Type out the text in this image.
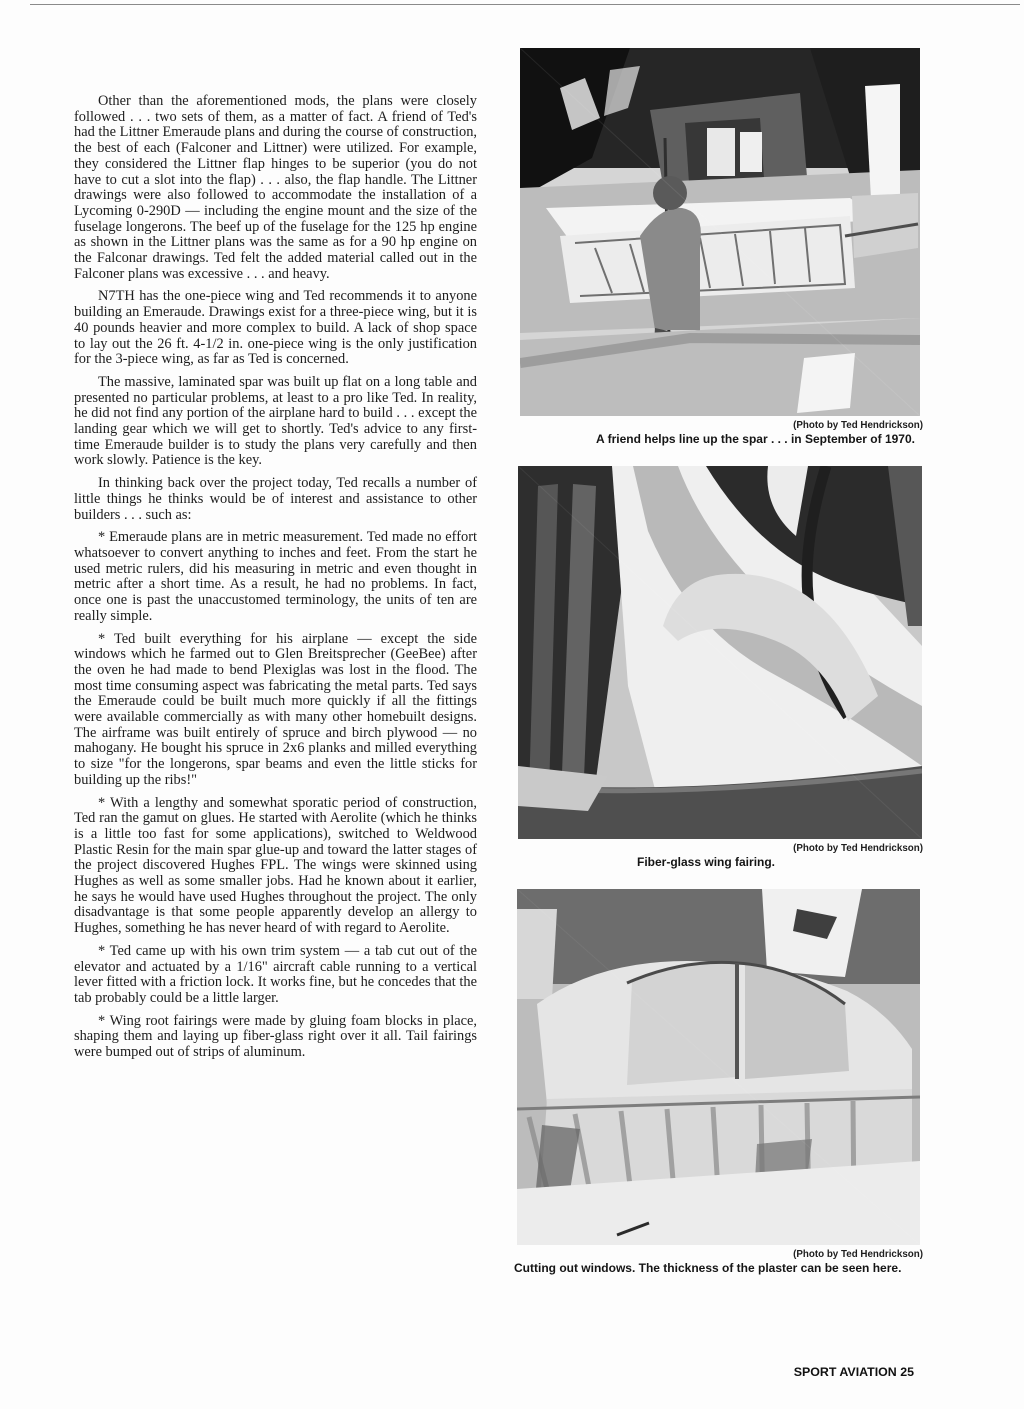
Other than the aforementioned mods, the plans were closely followed . . . two sets of them, as a matter of fact. A friend of Ted's had the Littner Emeraude plans and during the course of construction, the best of each (Falconer and Littner) were utilized. For example, they considered the Littner flap hinges to be superior (you do not have to cut a slot into the flap) . . . also, the flap handle. The Littner drawings were also followed to accommodate the installation of a Lycoming 0-290D — including the engine mount and the size of the fuselage longerons. The beef up of the fuselage for the 125 hp engine as shown in the Littner plans was the same as for a 90 hp engine on the Falconar drawings. Ted felt the added material called out in the Falconer plans was excessive . . . and heavy.

N7TH has the one-piece wing and Ted recommends it to anyone building an Emeraude. Drawings exist for a three-piece wing, but it is 40 pounds heavier and more complex to build. A lack of shop space to lay out the 26 ft. 4-1/2 in. one-piece wing is the only justification for the 3-piece wing, as far as Ted is concerned.

The massive, laminated spar was built up flat on a long table and presented no particular problems, at least to a pro like Ted. In reality, he did not find any portion of the airplane hard to build . . . except the landing gear which we will get to shortly. Ted's advice to any first-time Emeraude builder is to study the plans very carefully and then work slowly. Patience is the key.

In thinking back over the project today, Ted recalls a number of little things he thinks would be of interest and assistance to other builders . . . such as:

* Emeraude plans are in metric measurement. Ted made no effort whatsoever to convert anything to inches and feet. From the start he used metric rulers, did his measuring in metric and even thought in metric after a short time. As a result, he had no problems. In fact, once one is past the unaccustomed terminology, the units of ten are really simple.

* Ted built everything for his airplane — except the side windows which he farmed out to Glen Breitsprecher (GeeBee) after the oven he had made to bend Plexiglas was lost in the flood. The most time consuming aspect was fabricating the metal parts. Ted says the Emeraude could be built much more quickly if all the fittings were available commercially as with many other homebuilt designs. The airframe was built entirely of spruce and birch plywood — no mahogany. He bought his spruce in 2x6 planks and milled everything to size "for the longerons, spar beams and even the little sticks for building up the ribs!"

* With a lengthy and somewhat sporatic period of construction, Ted ran the gamut on glues. He started with Aerolite (which he thinks is a little too fast for some applications), switched to Weldwood Plastic Resin for the main spar glue-up and toward the latter stages of the project discovered Hughes FPL. The wings were skinned using Hughes as well as some smaller jobs. Had he known about it earlier, he says he would have used Hughes throughout the project. The only disadvantage is that some people apparently develop an allergy to Hughes, something he has never heard of with regard to Aerolite.

* Ted came up with his own trim system — a tab cut out of the elevator and actuated by a 1/16" aircraft cable running to a vertical lever fitted with a friction lock. It works fine, but he concedes that the tab probably could be a little larger.

* Wing root fairings were made by gluing foam blocks in place, shaping them and laying up fiber-glass right over it all. Tail fairings were bumped out of strips of aluminum.

(Photo by Ted Hendrickson)
A friend helps line up the spar . . . in September of 1970.
(Photo by Ted Hendrickson)
Fiber-glass wing fairing.
(Photo by Ted Hendrickson)
Cutting out windows. The thickness of the plaster can be seen here.
SPORT AVIATION 25
